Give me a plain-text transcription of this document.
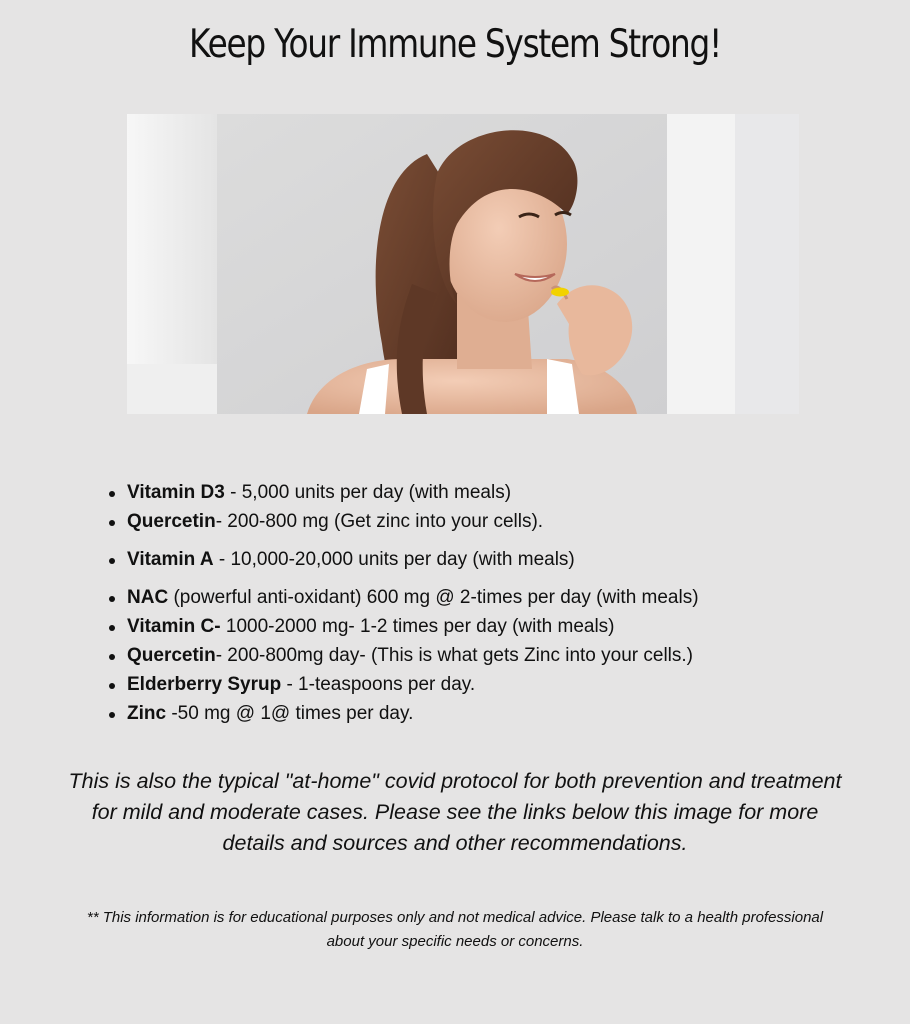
Keep Your Immune System Strong!
Vitamin D3 - 5,000 units per day (with meals)
Quercetin- 200-800 mg (Get zinc into your cells).
Vitamin A - 10,000-20,000 units per day (with meals)
NAC (powerful anti-oxidant) 600 mg @ 2-times per day (with meals)
Vitamin C- 1000-2000 mg- 1-2 times per day (with meals)
Quercetin- 200-800mg day- (This is what gets Zinc into your cells.)
Elderberry Syrup - 1-teaspoons per day.
Zinc -50 mg @ 1@ times per day.

This is also the typical "at-home" covid protocol for both prevention and treatment for mild and moderate cases. Please see the links below this image for more details and sources and other recommendations.

** This information is for educational purposes only and not medical advice. Please talk to a health professional about your specific needs or concerns.
